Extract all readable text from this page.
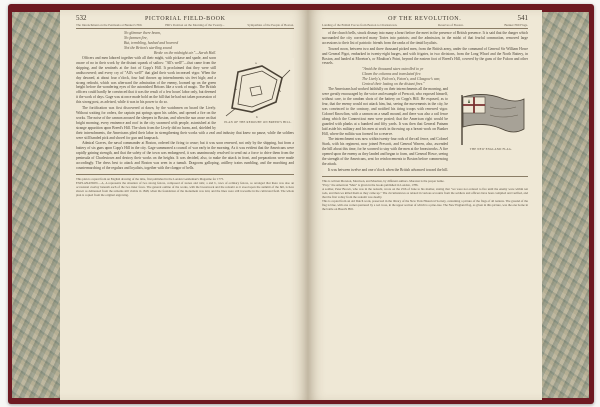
532	PICTORIAL FIELD-BOOK
The Intrenchment on the Peninsula at Bunker's Hill.	Hill's Position on the Morning of the Twenty...	Sympathies of the People of Boston.
No glimmer there beam,
No fanmen fire,
But, trembling, hushed and hovered
Not the Briton's startling sound
Broke on the midnight air."—Sarah Hall.
A	A
a
b
PLAN OF THE REDOUBT ON BREED'S HILL.

Officers and men labored together with all their might, with pickaxe and spade, and soon aware of no in their work by the distant squeak of sailors: "All's well!"—that came from the shipping, and the sentinels at the foot of Copp's Hill. It proclaimed that they were still undiscovered; and every cry of "All's well!" that glad their work increased vigor. When the day dawned, at about four o'clock, four had thrown up intrenchments six feet high; and a strong redoubt, which was afterward the admiration of the enemy, loomed up on the green height before the wondering eyes of the astonished Britons like a work of magic. The British officers could hardly be convinced that it was the result of a few hours' labor only, but deemed it the work of days. Gage was at once made bold on the hill that he had not taken possession of this strong post, as advised, while it was in his power to do so.

The fortification was first discovered at dawn, by the watchmen on board the Lively. Without waiting for orders, the captain put springs upon his cables, and opened a fire on the works. The noise of the cannon aroused the sleepers in Boston, and when the sun arose on that bright morning, every eminence and roof in the city swarmed with people, astonished at the strange apparition upon Breed's Hill. The shots from the Lively did no harm, and, shielded by their intrenchments, the Americans plied their labor in strengthening their works with a zeal and industry that knew no pause, while the soldiers were still handed pick and shovel for gun and knapsack.

Admiral Graves, the naval commander at Boston, ordered the firing to cease; but it was soon renewed, not only by the shipping, but from a battery of six guns upon Copp's Hill in the city. Gage summoned a council of war early in the morning. As it was evident that the Americans were rapidly gaining strength, and that the safety of the town was endangered, it was unanimously resolved to send out a force to drive them from the peninsula of Charlestown and destroy their works on the heights. It was decided, also, to make the attack in front, and preparations were made accordingly. The dress best to attack and Boston was seen in a tumult. Dragoons galloping, artillery trains rumbling, and the marching and countermarching of the regulars and loyalists, together with the clangor of bells.

This plan is copied from an English drawing of the time, first published in the London Gentleman's Magazine for 1775.

EXPLANATION.—A, A represents the situation of two strong fences, composed of stones and rails; a and b, rows of ordinary fences, so arranged that there was also an occasional overlay beneath each of the two inner faces. The general outline of the works, with the breastwork and the redoubt as it stood upon the summit of the hill, is here shown as delineated from the remains still visible in 1848, when the foundation of the monument was laid, and the lines were still traceable in the cultivated field. The whole plan is copied from the original engraving.

OF THE REVOLUTION.	541
Landing of the British Forces from Boston to Charlestown.	Reserves of Boston.	Bunker Hill Flags.

of the church bells, struck dismay into many a heart before the meet in the presence of British presence. It is said that the danger which surrounded the city corrected many Tories into patriots; and the admission, in the midst of that fearful commotion, removed large accessions to their list of patriotic friends from the ranks of the timid loyalists.

Toward noon, between two and three thousand picked men, from the British army, under the command of General Sir William Howe and General Pigot, embarked in twenty-eight barges, and with frigates, in two divisions, from the Long Wharf and the North Battery, in Boston, and landed at Moreton's, or Moulton's Point, beyond the eastern foot of Breed's Hill, covered by the guns of the Falcon and other vessels.

"Amid the thousand stars outrolled to ye
Gleam the columns and translated fire.
The Lively's, Falcon's, Faton's, and Glasgow's war,
Central their lasting on the distant fires."
THE NEW ENGLAND FLAG.

The Americans had worked faithfully on their intrenchments all the morning, and were greatly encouraged by the voice and example of Prescott, who exposed himself, without care, to the random shots of the battery on Copp's Hill. He exposed, as to fear, that the enemy would not attack him, but, seeing the movements in the city, he was convinced to the contrary, and notified his tiring troops with renewed vigor. Colonel Knowlton, with a cannon on a small mound, and there was also a rail fence along which the Connecticut men were posted; that the American right would be guarded with planks at a hundred and fifty yards. It was then that General Putnam laid aside his military and his men at work in throwing up a breast-work on Bunker Hill, where the militia was formed for a reserve.

The intrenchment was now within twenty-four rods of the rail fence, and Colonel Stark, with his regiment, now joined Prescott, and General Warren, also, ascended the hill about this time, for he scorned to stay with the men at the breastworks. A fire opened upon the enemy as they landed and began to form, and General Howe, seeing the strength of the Americans, sent for reinforcements to Boston before commencing the attack.

It was between twelve and one o'clock when the British advanced toward the hill.

This is written Moreton, Morrison, and Moulton, by different authors. Moreton is the proper name.

"Pray," the American "Men" is given in the books published in London, 1786.

A soldier, Peter Brown, who was in the redoubt, wrote on the 25th of June to his mother, stating that "we were not ordered to fire until the enemy were within ten rods, and then we killed them as they came up." The circumstances as related in various accounts from the soldiers and officers have been compiled and verified, and that the first volley from the redoubt was deadly.

This is copied from an old Dutch work, preserved in the library of the New York Historical Society, containing a picture of the flags of all nations. The ground of the flag is blue, with one corner quartered by a red cross, in the upper section of which is a pine-tree. The New England flag, as given in this picture, was the one borne in the battle on Breed's Hill.
